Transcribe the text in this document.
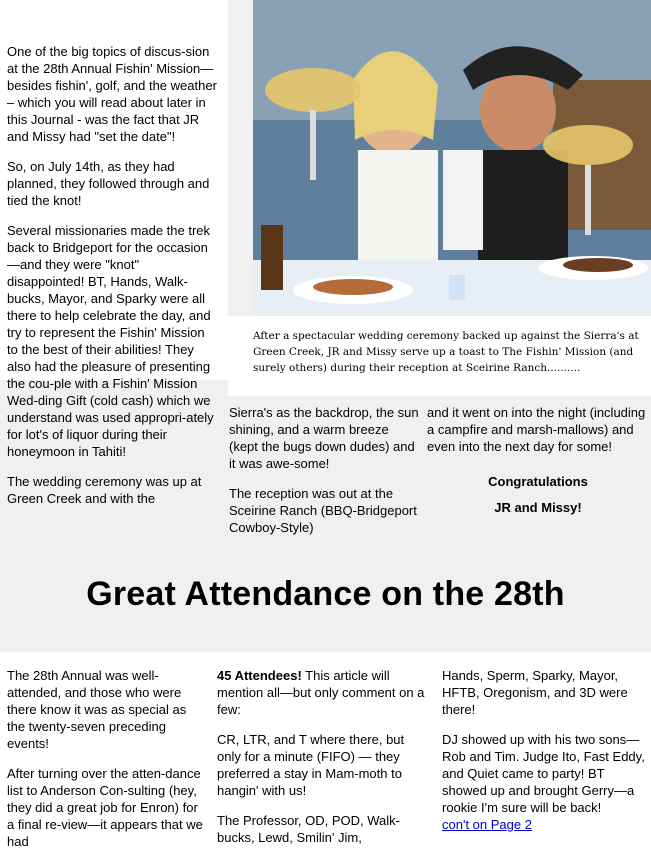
One of the big topics of discus-sion at the 28th Annual Fishin' Mission—besides fishin', golf, and the weather – which you will read about later in this Journal - was the fact that JR and Missy had "set the date"!

So, on July 14th, as they had planned, they followed through and tied the knot!

Several missionaries made the trek back to Bridgeport for the occasion—and they were "knot" disappointed! BT, Hands, Walk-bucks, Mayor, and Sparky were all there to help celebrate the day, and try to represent the Fishin' Mission to the best of their abilities! They also had the pleasure of presenting the cou-ple with a Fishin' Mission Wed-ding Gift (cold cash) which we understand was used appropri-ately for lot's of liquor during their honeymoon in Tahiti!

The wedding ceremony was up at Green Creek and with the

After a spectacular wedding ceremony backed up against the Sierra's at Green Creek, JR and Missy serve up a toast to The Fishin' Mission (and surely others) during their reception at Sceirine Ranch..........

Sierra's as the backdrop, the sun shining, and a warm breeze (kept the bugs down dudes) and it was awe-some!

The reception was out at the Sceirine Ranch (BBQ-Bridgeport Cowboy-Style)

and it went on into the night (including a campfire and marsh-mallows) and even into the next day for some!

Congratulations

JR and Missy!

Great Attendance on the 28th

The 28th Annual was well-attended, and those who were there know it was as special as the twenty-seven preceding events!

After turning over the atten-dance list to Anderson Con-sulting (hey, they did a great job for Enron) for a final re-view—it appears that we had

45 Attendees! This article will mention all—but only comment on a few:

CR, LTR, and T where there, but only for a minute (FIFO) — they preferred a stay in Mam-moth to hangin' with us!

The Professor, OD, POD, Walk-bucks, Lewd, Smilin' Jim,

Hands, Sperm, Sparky, Mayor, HFTB, Oregonism, and 3D were there!

DJ showed up with his two sons—Rob and Tim. Judge Ito, Fast Eddy, and Quiet came to party! BT showed up and brought Gerry—a rookie I'm sure will be back!

con't on Page 2
